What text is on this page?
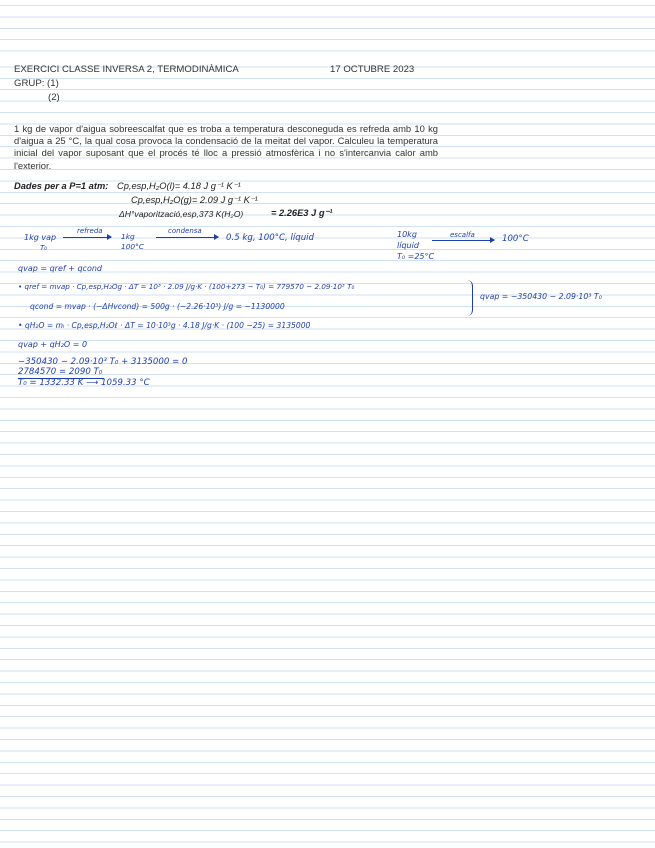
EXERCICI CLASSE INVERSA 2, TERMODINÀMICA	17 OCTUBRE 2023
GRUP: (1)
(2)
1 kg de vapor d'aigua sobreescalfat que es troba a temperatura desconeguda es refreda amb 10 kg d'aigua a 25 °C, la qual cosa provoca la condensació de la meitat del vapor. Calculeu la temperatura inicial del vapor suposant que el procés té lloc a pressió atmosfèrica i no s'intercanvia calor amb l'exterior.
Dades per a P=1 atm: Cp,esp,H₂O(l)= 4.18 J g⁻¹ K⁻¹
Cp,esp,H₂O(g)= 2.09 J g⁻¹ K⁻¹
ΔH°vaporització,esp,373 K(H₂O)	= 2.26E3 J g⁻¹
1kg vap
T₀
refreda
1kg
100°C
condensa
0.5 kg, 100°C, líquid	10kg
líquid
T₀ =25°C
escalfa	100°C
qvap = qref + qcond
• qref = mvap · Cp,esp,H₂Og · ΔT = 10³ · 2.09 J/g·K · (100+273 − T₀) = 779570 − 2.09·10³ T₀
qcond = mvap · (−ΔHvcond) = 500g · (−2.26·10³) J/g = −1130000
• qH₂O = mₗ · Cp,esp,H₂Oℓ · ΔT = 10·10³g · 4.18 J/g·K · (100 −25) = 3135000
qvap = −350430 − 2.09·10³ T₀
qvap + qH₂O = 0
−350430 − 2.09·10³ T₀ + 3135000 = 0
2784570 = 2090 T₀
T₀ = 1332.33 K ⟶ 1059.33 °C
